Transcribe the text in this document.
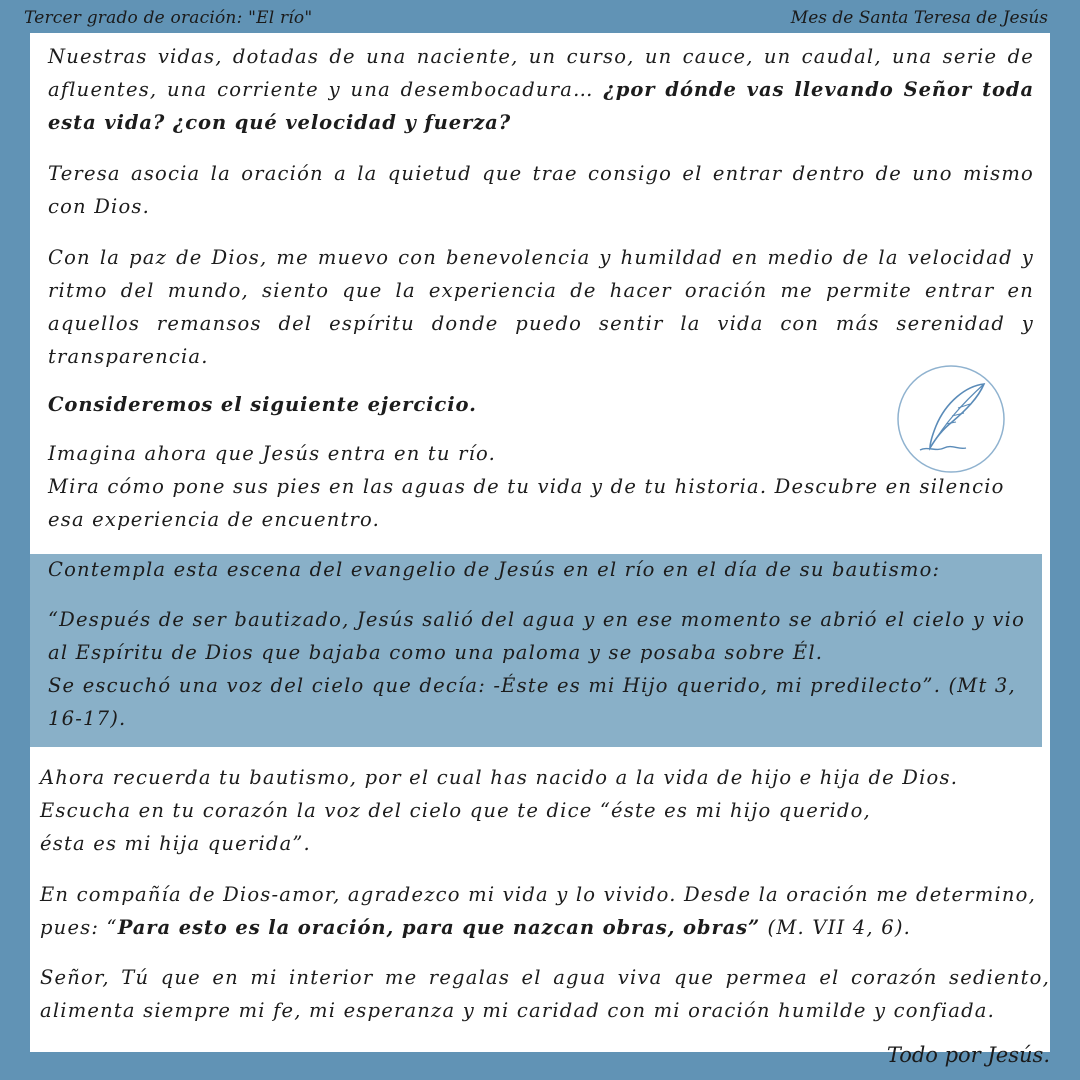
Tercer grado de oración: "El río"	Mes de Santa Teresa de Jesús

Nuestras vidas, dotadas de una naciente, un curso, un cauce, un caudal, una serie de afluentes, una corriente y una desembocadura… ¿por dónde vas llevando Señor toda esta vida? ¿con qué velocidad y fuerza?

Teresa asocia la oración a la quietud que trae consigo el entrar dentro de uno mismo con Dios.

Con la paz de Dios, me muevo con benevolencia y humildad en medio de la velocidad y ritmo del mundo, siento que la experiencia de hacer oración me permite entrar en aquellos remansos del espíritu donde puedo sentir la vida con más serenidad y transparencia.

Consideremos el siguiente ejercicio.

Imagina ahora que Jesús entra en tu río.

Mira cómo pone sus pies en las aguas de tu vida y de tu historia. Descubre en silencio esa experiencia de encuentro.

Contempla esta escena del evangelio de Jesús en el río en el día de su bautismo:

“Después de ser bautizado, Jesús salió del agua y en ese momento se abrió el cielo y vio al Espíritu de Dios que bajaba como una paloma y se posaba sobre Él.

Se escuchó una voz del cielo que decía: -Éste es mi Hijo querido, mi predilecto”. (Mt 3, 16-17).

Ahora recuerda tu bautismo, por el cual has nacido a la vida de hijo e hija de Dios.

Escucha en tu corazón la voz del cielo que te dice “éste es mi hijo querido,

ésta es mi hija querida”.

En compañía de Dios-amor, agradezco mi vida y lo vivido. Desde la oración me determino,

pues: “Para esto es la oración, para que nazcan obras, obras” (M. VII 4, 6).

Señor, Tú que en mi interior me regalas el agua viva que permea el corazón sediento, alimenta siempre mi fe, mi esperanza y mi caridad con mi oración humilde y confiada.

Todo por Jesús.
